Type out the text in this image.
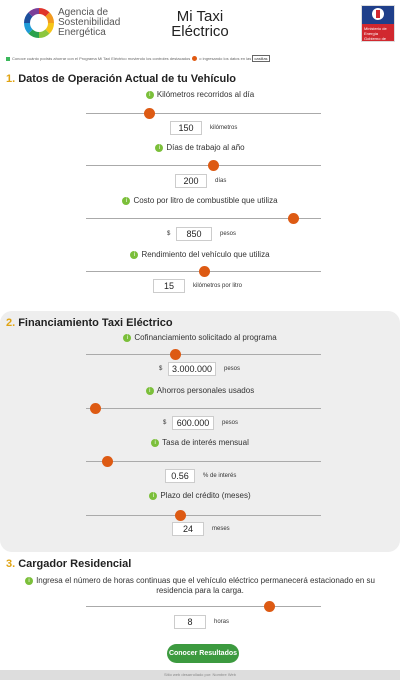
Agencia de
Sostenibilidad
Energética
Mi Taxi
Eléctrico	Ministerio de Energía
Gobierno de Chile
Conoce cuánto podrás ahorrar con el Programa Mi Taxi Eléctrico moviendo los controles destacados o ingresando los datos en las casillas
1. Datos de Operación Actual de tu Vehículo
i Kilómetros recorridos al día
150	kilómetros
i Días de trabajo al año
200	días
i Costo por litro de combustible que utiliza
$	850	pesos
i Rendimiento del vehículo que utiliza
15	kilómetros por litro
2. Financiamiento Taxi Eléctrico
i Cofinanciamiento solicitado al programa
$	3.000.000	pesos
i Ahorros personales usados
$	600.000	pesos
i Tasa de interés mensual
0.56	% de interés
i Plazo del crédito (meses)
24	meses
3. Cargador Residencial
i Ingresa el número de horas continuas que el vehículo eléctrico permanecerá estacionado en su residencia para la carga.
8	horas
Conocer Resultados
Sitio web desarrollado por: Nombre Web
